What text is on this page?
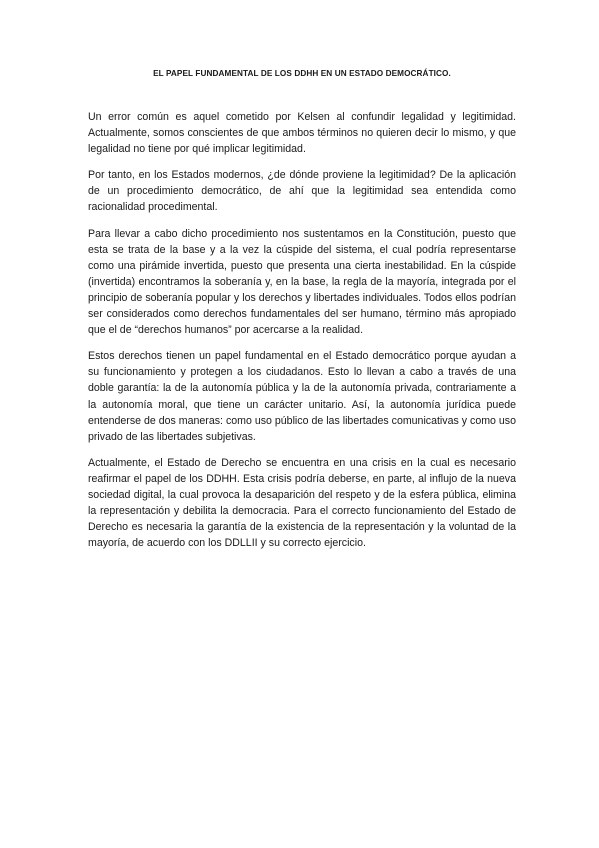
EL PAPEL FUNDAMENTAL DE LOS DDHH EN UN ESTADO DEMOCRÁTICO.

Un error común es aquel cometido por Kelsen al confundir legalidad y legitimidad. Actualmente, somos conscientes de que ambos términos no quieren decir lo mismo, y que legalidad no tiene por qué implicar legitimidad.

Por tanto, en los Estados modernos, ¿de dónde proviene la legitimidad? De la aplicación de un procedimiento democrático, de ahí que la legitimidad sea entendida como racionalidad procedimental.

Para llevar a cabo dicho procedimiento nos sustentamos en la Constitución, puesto que esta se trata de la base y a la vez la cúspide del sistema, el cual podría representarse como una pirámide invertida, puesto que presenta una cierta inestabilidad. En la cúspide (invertida) encontramos la soberanía y, en la base, la regla de la mayoría, integrada por el principio de soberanía popular y los derechos y libertades individuales. Todos ellos podrían ser considerados como derechos fundamentales del ser humano, término más apropiado que el de “derechos humanos” por acercarse a la realidad.

Estos derechos tienen un papel fundamental en el Estado democrático porque ayudan a su funcionamiento y protegen a los ciudadanos. Esto lo llevan a cabo a través de una doble garantía: la de la autonomía pública y la de la autonomía privada, contrariamente a la autonomía moral, que tiene un carácter unitario. Así, la autonomía jurídica puede entenderse de dos maneras: como uso público de las libertades comunicativas y como uso privado de las libertades subjetivas.

Actualmente, el Estado de Derecho se encuentra en una crisis en la cual es necesario reafirmar el papel de los DDHH. Esta crisis podría deberse, en parte, al influjo de la nueva sociedad digital, la cual provoca la desaparición del respeto y de la esfera pública, elimina la representación y debilita la democracia. Para el correcto funcionamiento del Estado de Derecho es necesaria la garantía de la existencia de la representación y la voluntad de la mayoría, de acuerdo con los DDLLII y su correcto ejercicio.
